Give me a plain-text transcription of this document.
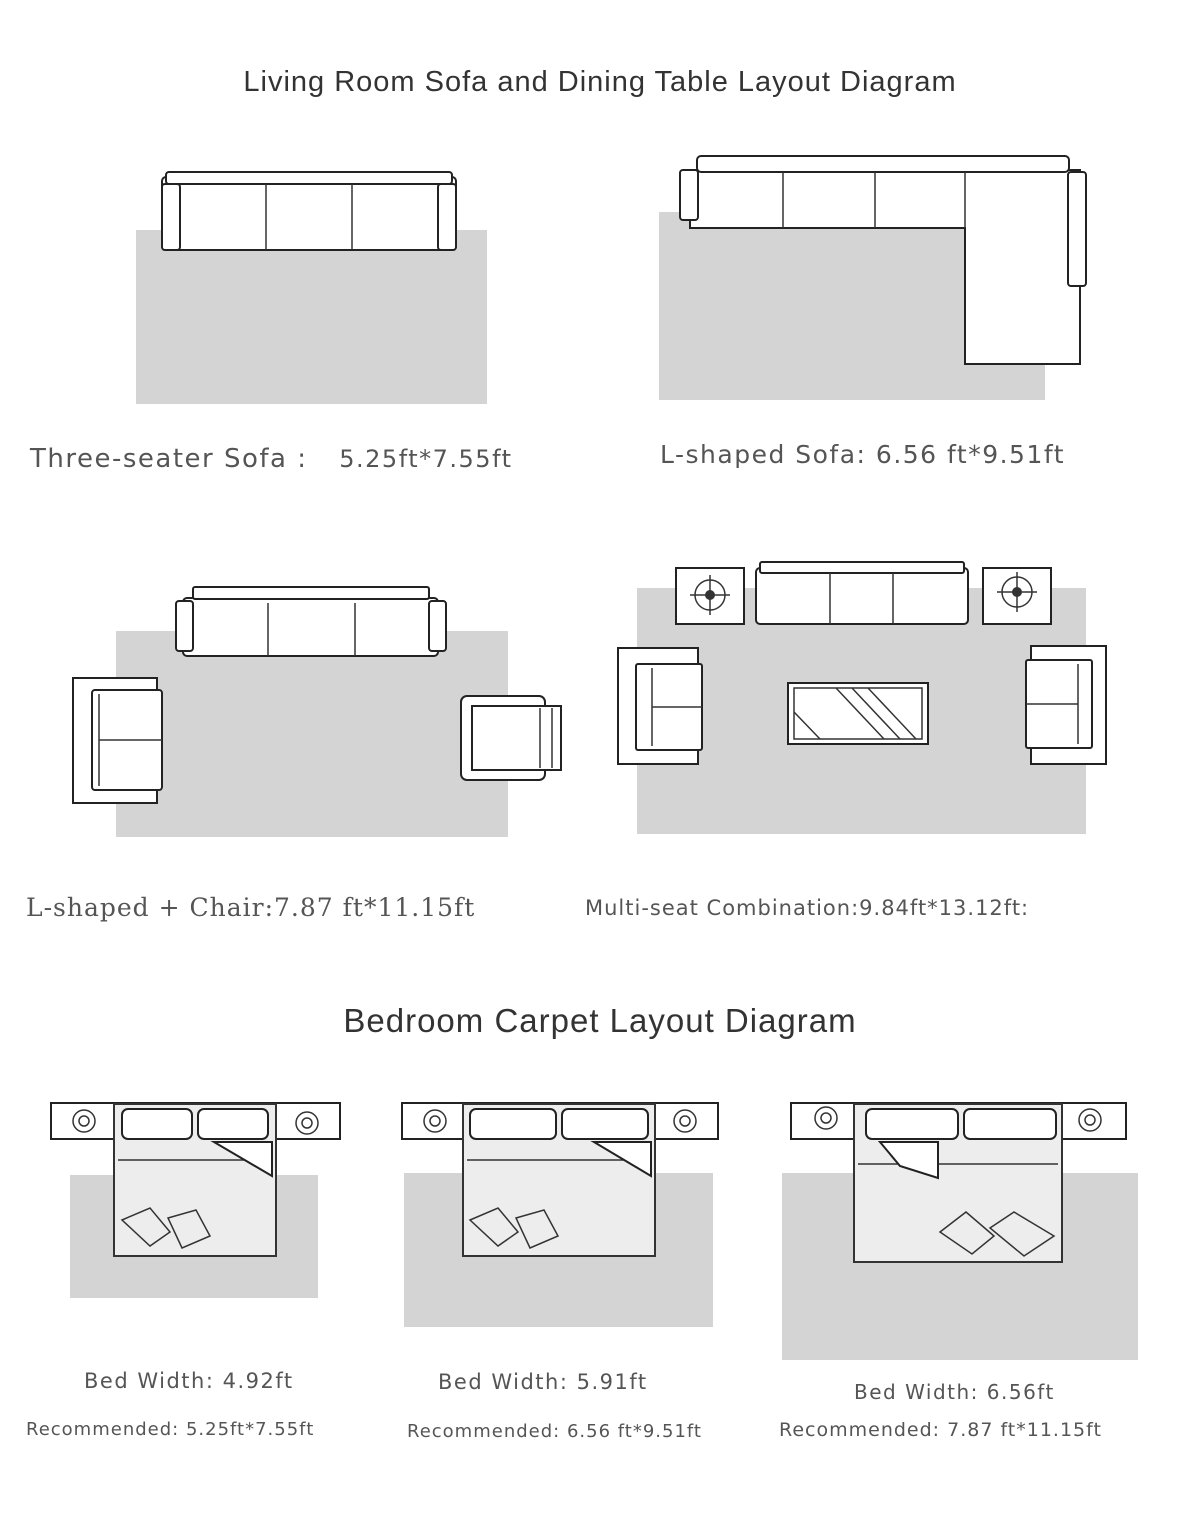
Living Room Sofa and Dining Table Layout Diagram
Bedroom Carpet Layout Diagram
Three-seater Sofa : 5.25ft*7.55ft	L-shaped Sofa: 6.56 ft*9.51ft
L-shaped + Chair:7.87 ft*11.15ft	Multi-seat Combination:9.84ft*13.12ft:
Bed Width: 4.92ft
Recommended: 5.25ft*7.55ft
Bed Width: 5.91ft
Recommended: 6.56 ft*9.51ft
Bed Width: 6.56ft
Recommended: 7.87 ft*11.15ft
